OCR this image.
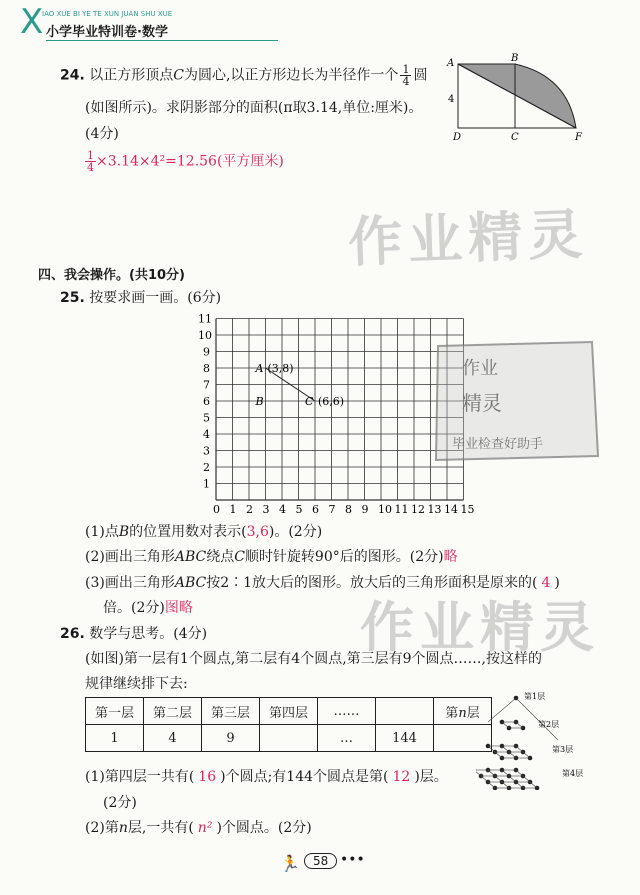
X
IAO XUE BI YE TE XUN JUAN SHU XUE
小学毕业特训卷·数学
作业精灵
作业精灵
24. 以正方形顶点C为圆心,以正方形边长为半径作一个 $\frac{1}{4}$ 圆
(如图所示)。求阴影部分的面积(π取3.14,单位:厘米)。
(4分)
$\frac{1}{4} \times 3.14\times 4^2=12.56$(平方厘米)
A	B
4
D	C	F
四、我会操作。(共10分)
25. 按要求画一画。(6分)
0 1 2 3 4 5 6 7 8 9 10 11 12 13 14 15
1
2
3
4
5
6
7
8
9
10
11
A (3,8)
B	C (6,6)
作业
精灵
毕业检查好助手
(1)点B的位置用数对表示(3,6)。(2分)
(2)画出三角形ABC绕点C顺时针旋转90°后的图形。(2分)略
(3)画出三角形ABC按2∶1放大后的图形。放大后的三角形面积是原来的( 4 )
倍。(2分)图略
26. 数学与思考。(4分)
(如图)第一层有1个圆点,第二层有4个圆点,第三层有9个圆点……,按这样的
规律继续排下去:
第一层	第二层	第三层	第四层	……		第n层
1	4	9		…	144	
第1层
第2层
第3层
第4层
(1)第四层一共有( 16 )个圆点;有144个圆点是第( 12 )层。
(2分)
(2)第n层,一共有( n² )个圆点。(2分)
🏃	58 •••
